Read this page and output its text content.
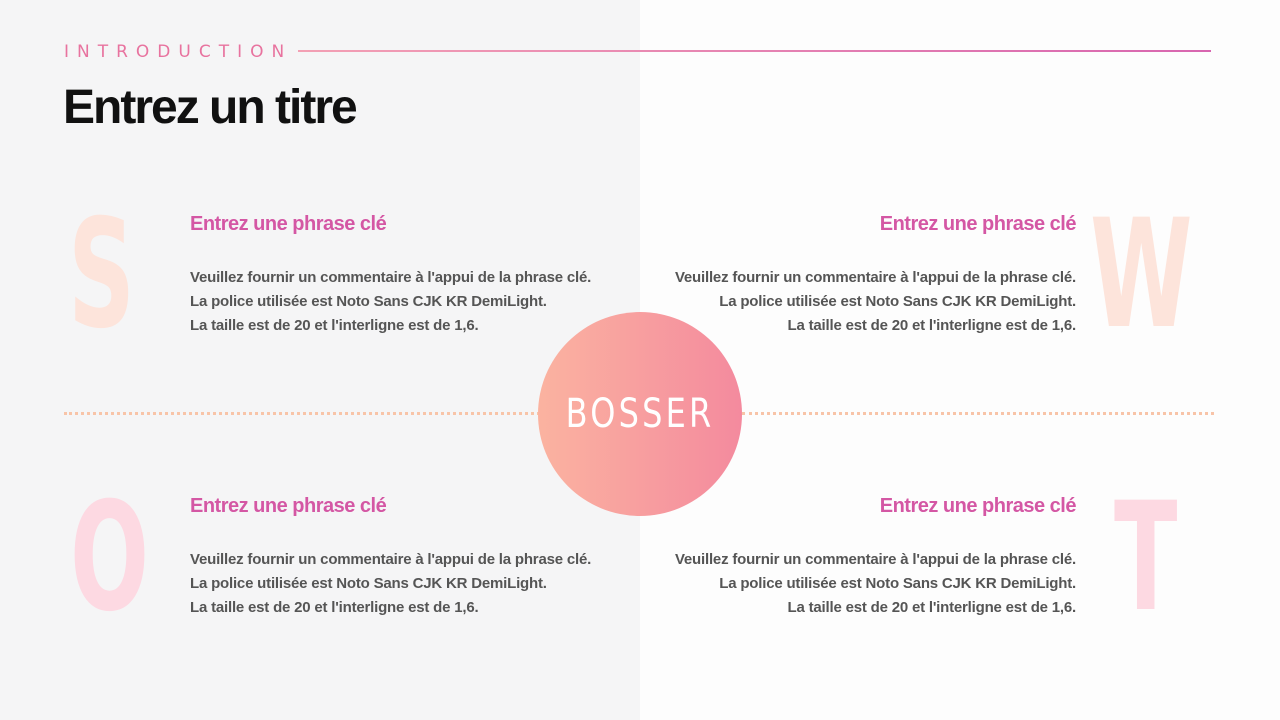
INTRODUCTION
Entrez un titre
S	W
O	T
Entrez une phrase clé
Veuillez fournir un commentaire à l'appui de la phrase clé.
La police utilisée est Noto Sans CJK KR DemiLight.
La taille est de 20 et l'interligne est de 1,6.
Entrez une phrase clé
Veuillez fournir un commentaire à l'appui de la phrase clé.
La police utilisée est Noto Sans CJK KR DemiLight.
La taille est de 20 et l'interligne est de 1,6.
BOSSER
Entrez une phrase clé
Veuillez fournir un commentaire à l'appui de la phrase clé.
La police utilisée est Noto Sans CJK KR DemiLight.
La taille est de 20 et l'interligne est de 1,6.
Entrez une phrase clé
Veuillez fournir un commentaire à l'appui de la phrase clé.
La police utilisée est Noto Sans CJK KR DemiLight.
La taille est de 20 et l'interligne est de 1,6.
